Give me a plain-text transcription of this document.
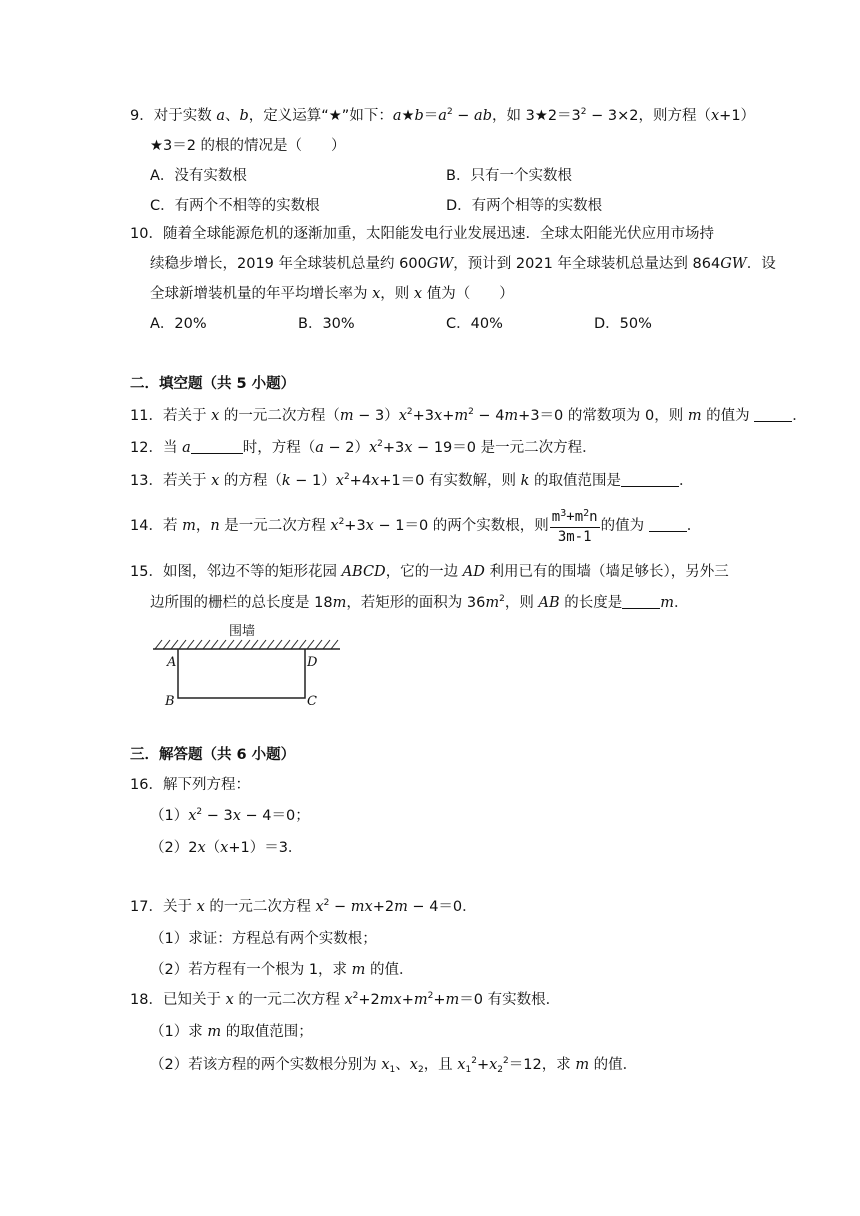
9．对于实数 a、b，定义运算“★”如下：$a★b=a^2$ − ab，如 $3★2=3^2 - 3\times 2$，则方程（x+1）
★3＝2 的根的情况是（　　）
A．没有实数根	B．只有一个实数根
C．有两个不相等的实数根	D．有两个相等的实数根
10．随着全球能源危机的逐渐加重，太阳能发电行业发展迅速．全球太阳能光伏应用市场持
续稳步增长，2019 年全球装机总量约 600GW，预计到 2021 年全球装机总量达到 864GW．设
全球新增装机量的年平均增长率为 x，则 x 值为（　　）
A．20%	B．30%	C．40%	D．50%
二．填空题（共 5 小题）
11．若关于 x 的一元二次方程$(m - 3)x^2+3x+m^2 - 4m+3=0$ 的常数项为 0，则 m 的值为	．
12．当 a	时，方程$(a - 2)x^2+3x - 19=0$ 是一元二次方程．
13．若关于 x 的方程$(k - 1)x^2+4x+1=0$ 有实数解，则 k 的取值范围是	．
14．若 m，n 是一元二次方程 $x^2+3x - 1=0$ 的两个实数根，则 $\frac{m^3+m^2n}{3m-1}$ 的值为	．
15．如图，邻边不等的矩形花园 ABCD，它的一边 AD 利用已有的围墙（墙足够长），另外三
边所围的栅栏的总长度是 18m，若矩形的面积为 $36m^2$，则 AB 的长度是	m．
围墙
A	D
B	C
三．解答题（共 6 小题）
16．解下列方程：
$(1)x^2 - 3x - 4=0$；
（2）2x（x+1）＝3．
17．关于 x 的一元二次方程 $x^2 - mx+2m - 4=0$．
（1）求证：方程总有两个实数根；
（2）若方程有一个根为 1，求 m 的值．
18．已知关于 x 的一元二次方程 $x^2+2mx+m^2+m=0$ 有实数根．
（1）求 m 的取值范围；
（2）若该方程的两个实数根分别为 $x_1$、$x_2$，且 $x_1^2+x_2^2=12$，求 m 的值．
